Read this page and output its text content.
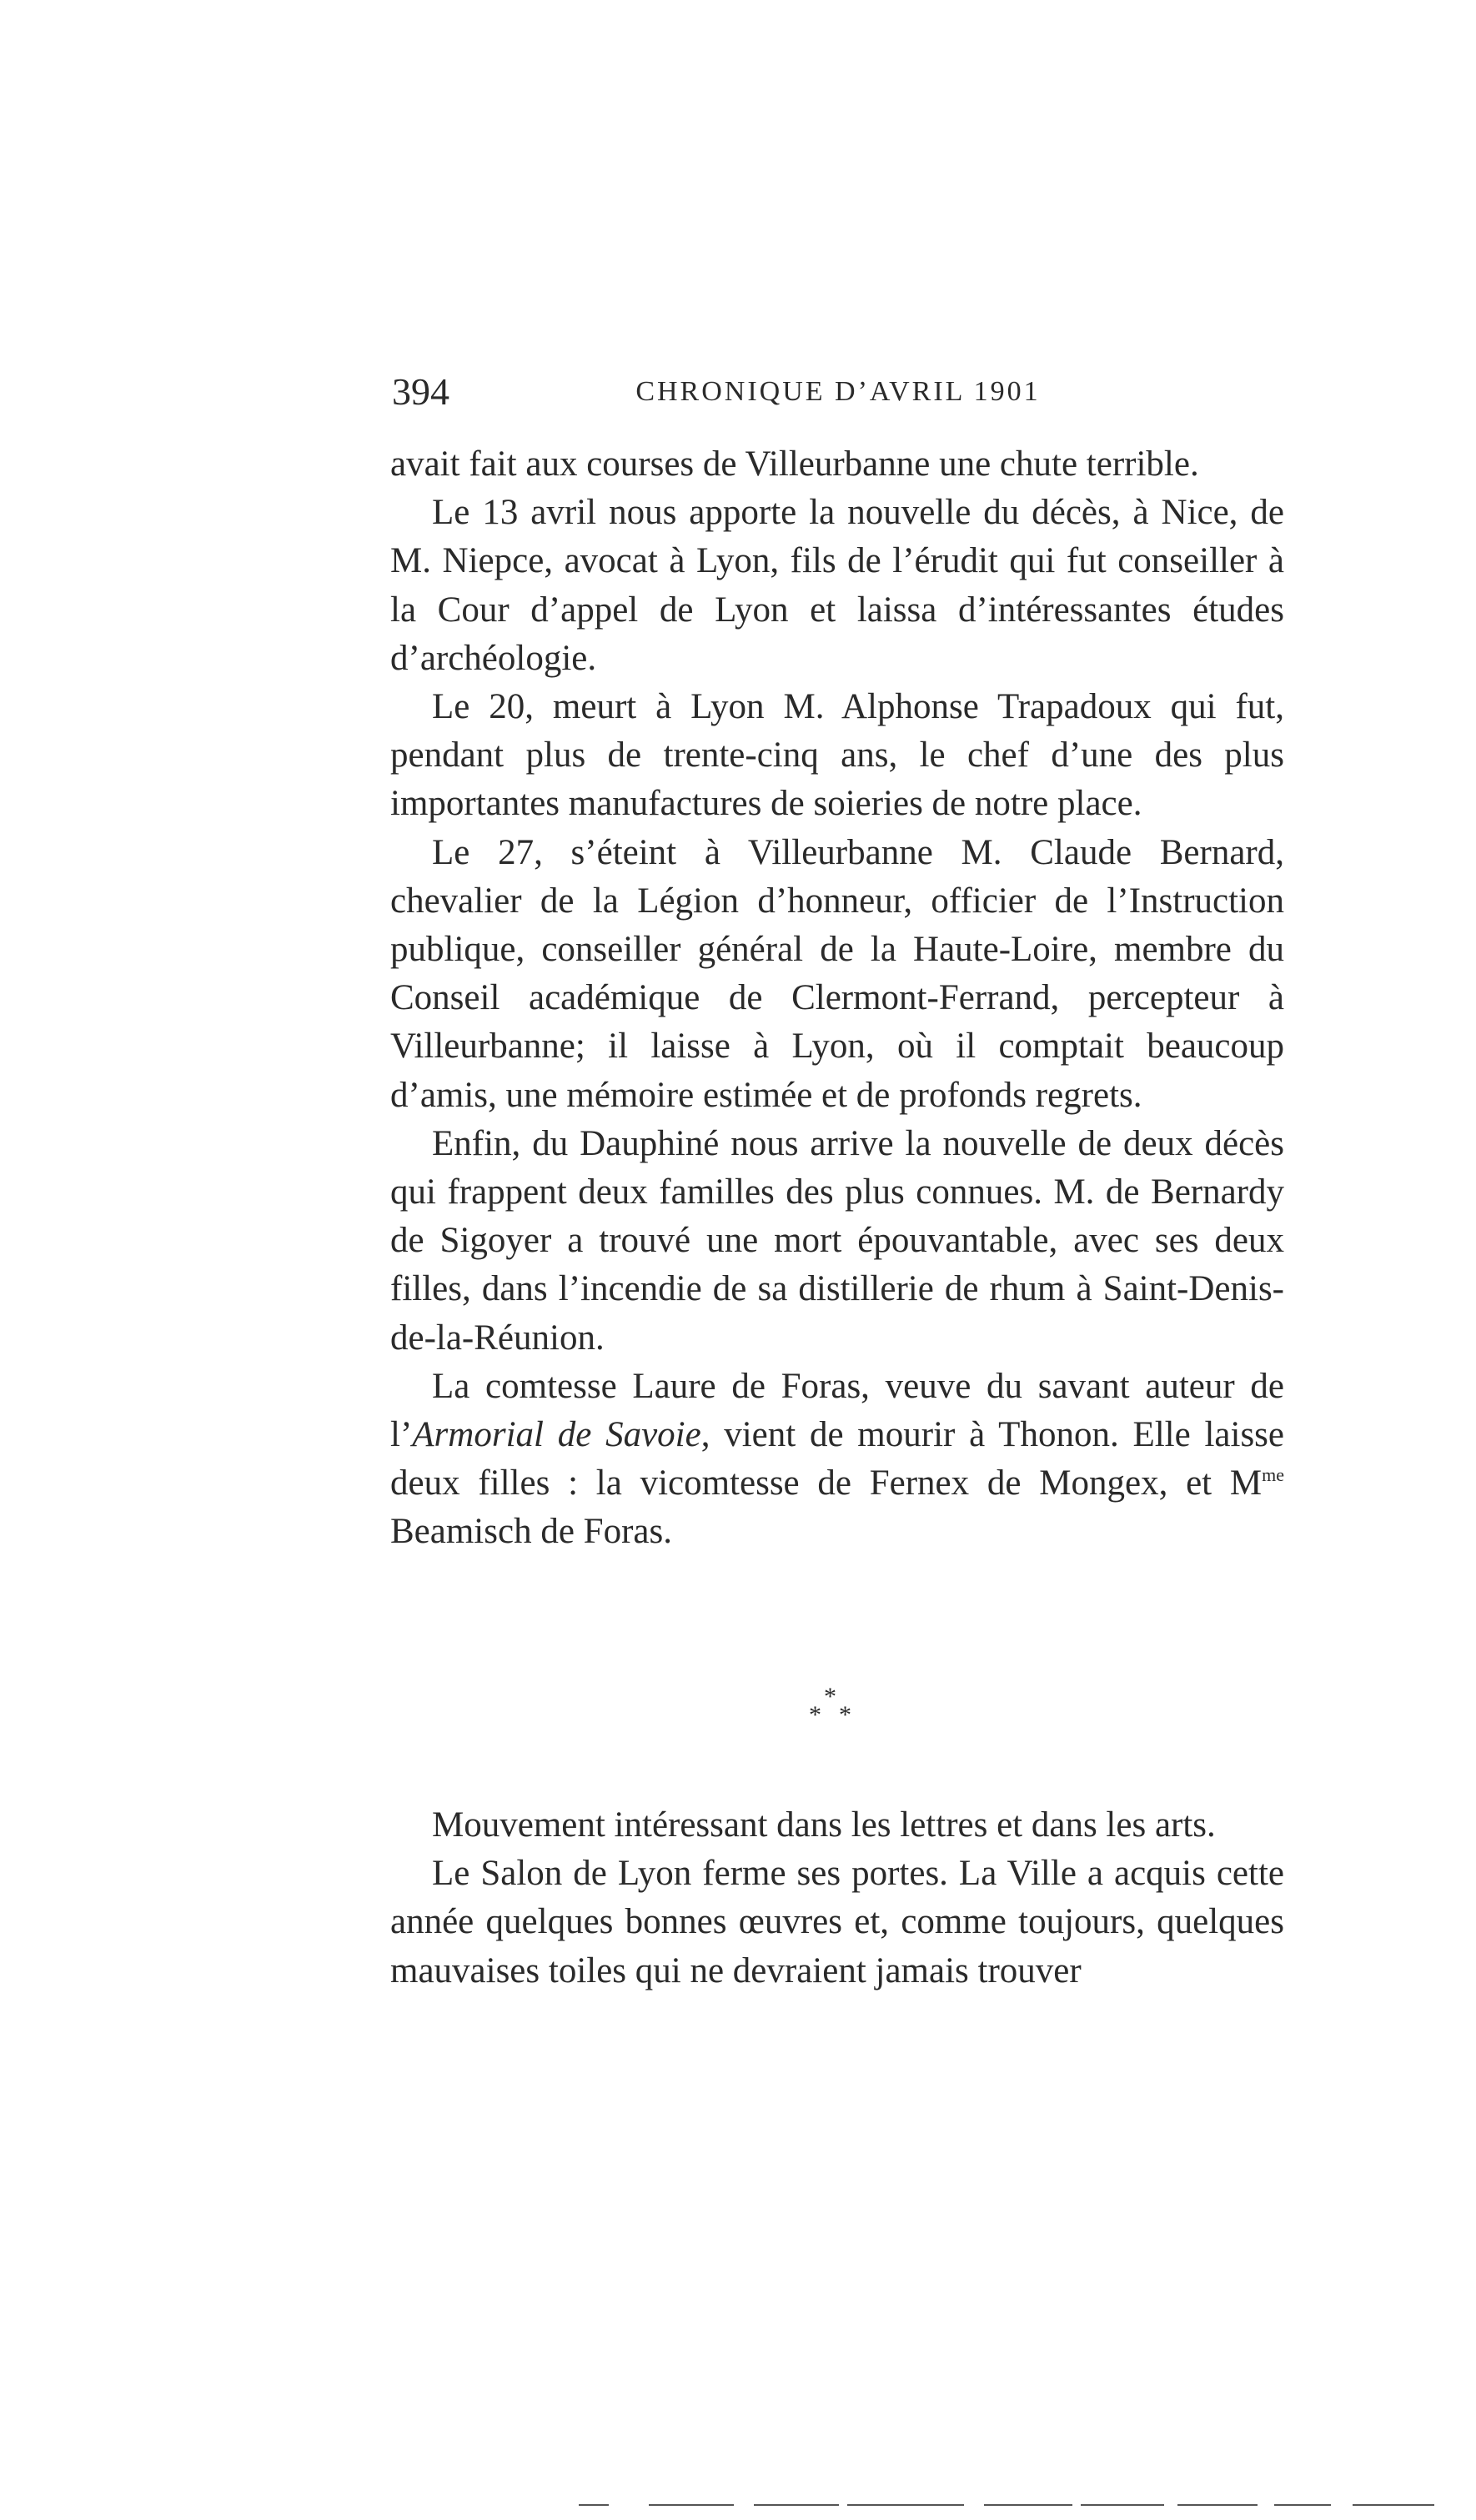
394	CHRONIQUE D’AVRIL 1901

avait fait aux courses de Villeurbanne une chute terrible.

Le 13 avril nous apporte la nouvelle du décès, à Nice, de M. Niepce, avocat à Lyon, fils de l’érudit qui fut conseiller à la Cour d’appel de Lyon et laissa d’intéressantes études d’archéologie.

Le 20, meurt à Lyon M. Alphonse Trapadoux qui fut, pendant plus de trente-cinq ans, le chef d’une des plus importantes manufactures de soieries de notre place.

Le 27, s’éteint à Villeurbanne M. Claude Bernard, chevalier de la Légion d’honneur, officier de l’Instruction publique, conseiller général de la Haute-Loire, membre du Conseil académique de Clermont-Ferrand, percepteur à Villeurbanne; il laisse à Lyon, où il comptait beaucoup d’amis, une mémoire estimée et de profonds regrets.

Enfin, du Dauphiné nous arrive la nouvelle de deux décès qui frappent deux familles des plus connues. M. de Bernardy de Sigoyer a trouvé une mort épouvantable, avec ses deux filles, dans l’incendie de sa distillerie de rhum à Saint-Denis-de-la-Réunion.

La comtesse Laure de Foras, veuve du savant auteur de l’Armorial de Savoie, vient de mourir à Thonon. Elle laisse deux filles : la vicomtesse de Fernex de Mongex, et $M^{me}$ Beamisch de Foras.

*
* *

Mouvement intéressant dans les lettres et dans les arts.

Le Salon de Lyon ferme ses portes. La Ville a acquis cette année quelques bonnes œuvres et, comme toujours, quelques mauvaises toiles qui ne devraient jamais trouver
